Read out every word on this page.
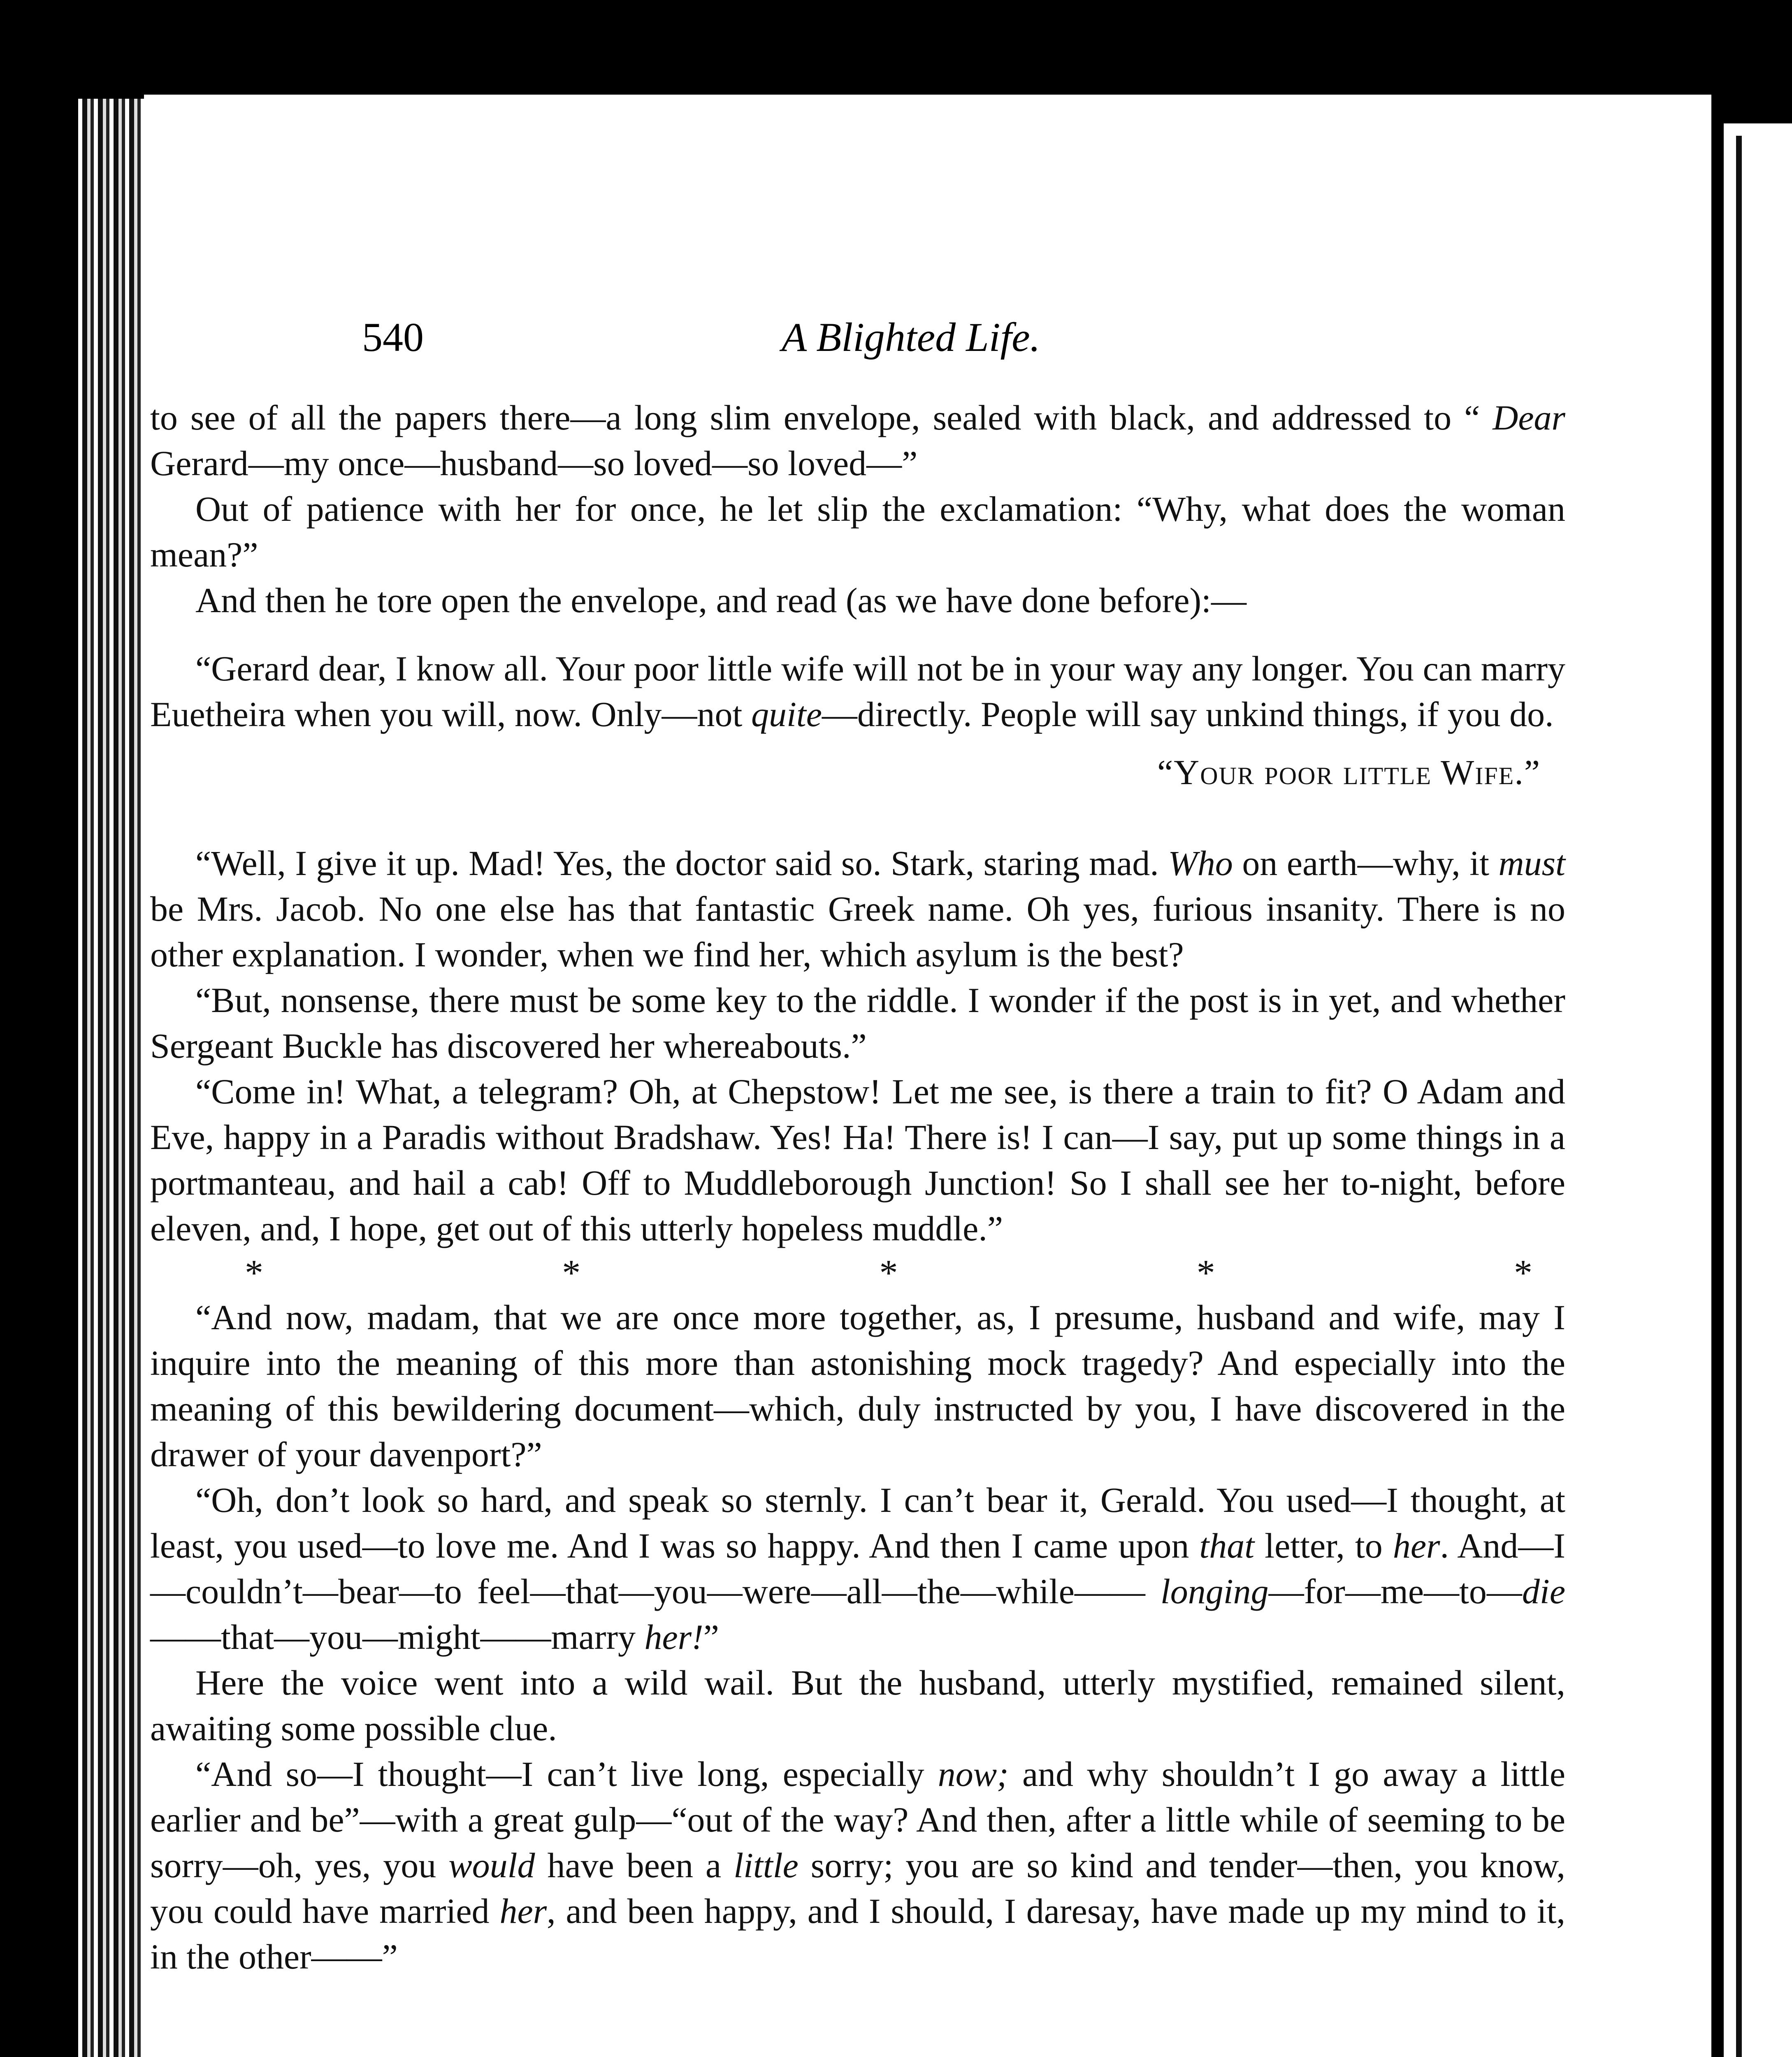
540	A Blighted Life.

to see of all the papers there—a long slim envelope, sealed with black, and addressed to “ Dear Gerard—my once—husband—so loved—so loved—”

Out of patience with her for once, he let slip the exclamation: “Why, what does the woman mean?”

And then he tore open the envelope, and read (as we have done before):—

“Gerard dear, I know all. Your poor little wife will not be in your way any longer. You can marry Euetheira when you will, now. Only—not quite—directly. People will say unkind things, if you do.

“Your poor little Wife.”

“Well, I give it up. Mad! Yes, the doctor said so. Stark, staring mad. Who on earth—why, it must be Mrs. Jacob. No one else has that fantastic Greek name. Oh yes, furious insanity. There is no other explanation. I wonder, when we find her, which asylum is the best?

“But, nonsense, there must be some key to the riddle. I wonder if the post is in yet, and whether Sergeant Buckle has discovered her whereabouts.”

“Come in! What, a telegram? Oh, at Chepstow! Let me see, is there a train to fit? O Adam and Eve, happy in a Paradis without Bradshaw. Yes! Ha! There is! I can—I say, put up some things in a portmanteau, and hail a cab! Off to Muddleborough Junction! So I shall see her to-night, before eleven, and, I hope, get out of this utterly hopeless muddle.”

*	*	*	*	*

“And now, madam, that we are once more together, as, I presume, husband and wife, may I inquire into the meaning of this more than astonishing mock tragedy? And especially into the meaning of this bewildering document—which, duly instructed by you, I have discovered in the drawer of your davenport?”

“Oh, don’t look so hard, and speak so sternly. I can’t bear it, Gerald. You used—I thought, at least, you used—to love me. And I was so happy. And then I came upon that letter, to her. And—I —couldn’t—bear—to feel—that—you—were—all—the—while—— longing—for—me—to—die——that—you—might——marry her!”

Here the voice went into a wild wail. But the husband, utterly mystified, remained silent, awaiting some possible clue.

“And so—I thought—I can’t live long, especially now; and why shouldn’t I go away a little earlier and be”—with a great gulp—“out of the way? And then, after a little while of seeming to be sorry—oh, yes, you would have been a little sorry; you are so kind and tender—then, you know, you could have married her, and been happy, and I should, I daresay, have made up my mind to it, in the other——”
